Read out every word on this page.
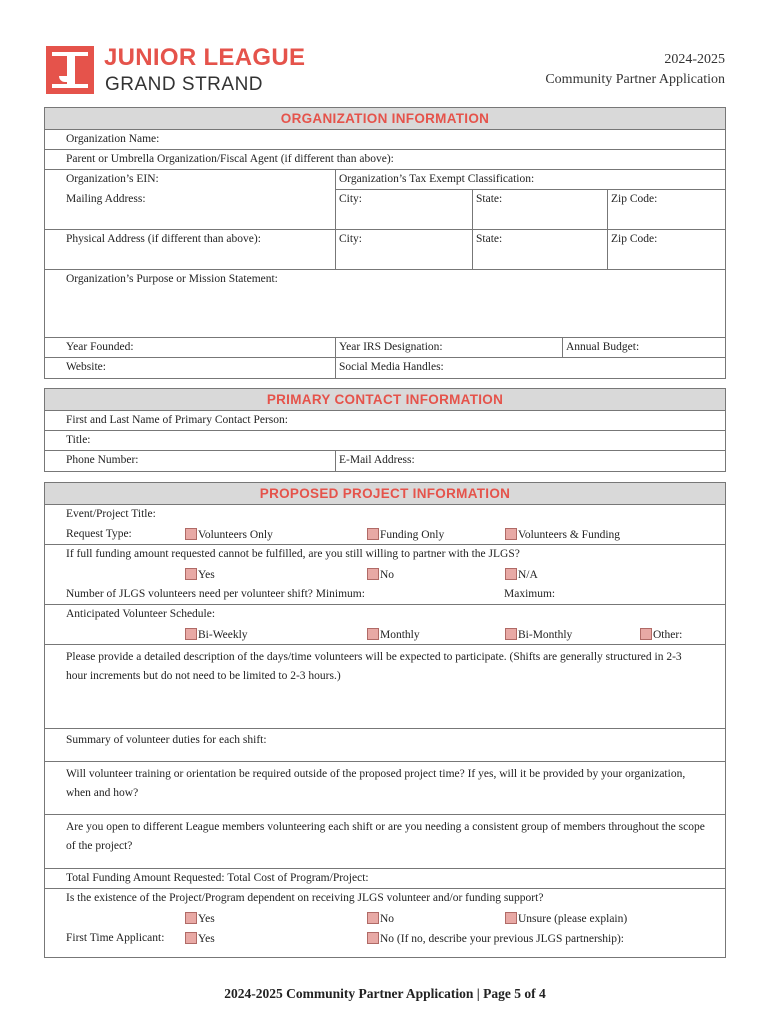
JUNIOR LEAGUE
GRAND STRAND
2024-2025
Community Partner Application
ORGANIZATION INFORMATION
Organization Name:
Parent or Umbrella Organization/Fiscal Agent (if different than above):
Organization’s EIN:	Organization’s Tax Exempt Classification:
Mailing Address:	City:	State:	Zip Code:
Physical Address (if different than above):	City:	State:	Zip Code:
Organization’s Purpose or Mission Statement:
Year Founded:	Year IRS Designation:	Annual Budget:
Website:	Social Media Handles:
PRIMARY CONTACT INFORMATION
First and Last Name of Primary Contact Person:
Title:
Phone Number:	E-Mail Address:
PROPOSED PROJECT INFORMATION
Event/Project Title:
Request Type:	Volunteers Only	Funding Only	Volunteers & Funding
If full funding amount requested cannot be fulfilled, are you still willing to partner with the JLGS?
Yes	No	N/A
Number of JLGS volunteers need per volunteer shift? Minimum:	Maximum:
Anticipated Volunteer Schedule:
Bi-Weekly	Monthly	Bi-Monthly	Other:
Please provide a detailed description of the days/time volunteers will be expected to participate. (Shifts are generally structured in 2-3 hour increments but do not need to be limited to 2-3 hours.)
Summary of volunteer duties for each shift:
Will volunteer training or orientation be required outside of the proposed project time? If yes, will it be provided by your organization, when and how?
Are you open to different League members volunteering each shift or are you needing a consistent group of members throughout the scope of the project?
Total Funding Amount Requested: Total Cost of Program/Project:
Is the existence of the Project/Program dependent on receiving JLGS volunteer and/or funding support?
Yes	No	Unsure (please explain)
First Time Applicant:	Yes	No (If no, describe your previous JLGS partnership):
2024-2025 Community Partner Application | Page 5 of 4
